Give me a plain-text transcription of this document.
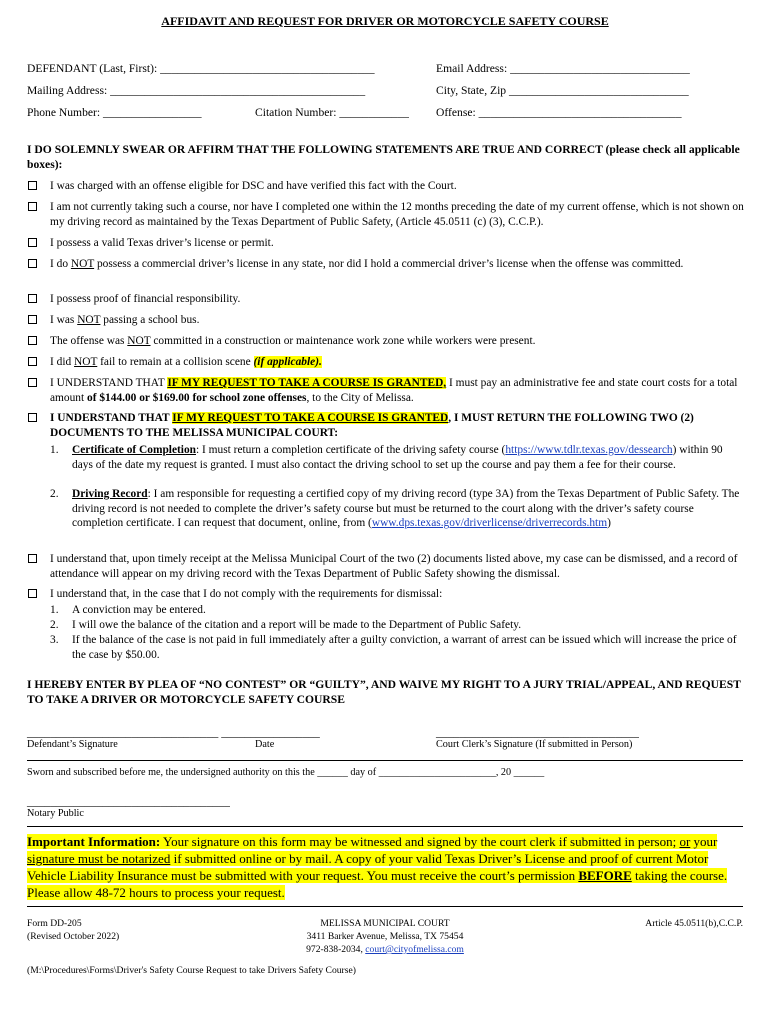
AFFIDAVIT AND REQUEST FOR DRIVER OR MOTORCYCLE SAFETY COURSE
DEFENDANT (Last, First): _____________________________________	Email Address: _______________________________
Mailing Address: ____________________________________________	City, State, Zip _______________________________
Phone Number: _________________	Citation Number: ____________ Offense: ___________________________________
I DO SOLEMNLY SWEAR OR AFFIRM THAT THE FOLLOWING STATEMENTS ARE TRUE AND CORRECT (please check all applicable boxes):
I was charged with an offense eligible for DSC and have verified this fact with the Court.
I am not currently taking such a course, nor have I completed one within the 12 months preceding the date of my current offense, which is not shown on my driving record as maintained by the Texas Department of Public Safety, (Article 45.0511 (c) (3), C.C.P.).
I possess a valid Texas driver’s license or permit.
I do NOT possess a commercial driver’s license in any state, nor did I hold a commercial driver’s license when the offense was committed.
I possess proof of financial responsibility.
I was NOT passing a school bus.
The offense was NOT committed in a construction or maintenance work zone while workers were present.
I did NOT fail to remain at a collision scene (if applicable).
I UNDERSTAND THAT IF MY REQUEST TO TAKE A COURSE IS GRANTED, I must pay an administrative fee and state court costs for a total amount of $144.00 or $169.00 for school zone offenses, to the City of Melissa.
I UNDERSTAND THAT IF MY REQUEST TO TAKE A COURSE IS GRANTED, I MUST RETURN THE FOLLOWING TWO (2) DOCUMENTS TO THE MELISSA MUNICIPAL COURT:
1.	Certificate of Completion: I must return a completion certificate of the driving safety course (https://www.tdlr.texas.gov/dessearch) within 90 days of the date my request is granted. I must also contact the driving school to set up the course and pay them a fee for their course.
2.	Driving Record: I am responsible for requesting a certified copy of my driving record (type 3A) from the Texas Department of Public Safety. The driving record is not needed to complete the driver’s safety course but must be returned to the court along with the driver’s safety course completion certificate. I can request that document, online, from (www.dps.texas.gov/driverlicense/driverrecords.htm)
I understand that, upon timely receipt at the Melissa Municipal Court of the two (2) documents listed above, my case can be dismissed, and a record of attendance will appear on my driving record with the Texas Department of Public Safety showing the dismissal.
I understand that, in the case that I do not comply with the requirements for dismissal:
1.	A conviction may be entered.
2.	I will owe the balance of the citation and a report will be made to the Department of Public Safety.
3.	If the balance of the case is not paid in full immediately after a guilty conviction, a warrant of arrest can be issued which will increase the price of the case by $50.00.
I HEREBY ENTER BY PLEA OF “NO CONTEST” OR “GUILTY”, AND WAIVE MY RIGHT TO A JURY TRIAL/APPEAL, AND REQUEST TO TAKE A DRIVER OR MOTORCYCLE SAFETY COURSE
_________________________________ _________________	___________________________________
Defendant’s Signature	Date	Court Clerk’s Signature (If submitted in Person)
Sworn and subscribed before me, the undersigned authority on this the ______ day of _______________________, 20 ______
___________________________________
Notary Public
Important Information: Your signature on this form may be witnessed and signed by the court clerk if submitted in person; or your signature must be notarized if submitted online or by mail. A copy of your valid Texas Driver’s License and proof of current Motor Vehicle Liability Insurance must be submitted with your request. You must receive the court’s permission BEFORE taking the course. Please allow 48-72 hours to process your request.
Form DD-205
(Revised October 2022)
MELISSA MUNICIPAL COURT
3411 Barker Avenue, Melissa, TX 75454
972-838-2034, court@cityofmelissa.com
Article 45.0511(b),C.C.P.
(M:\Procedures\Forms\Driver's Safety Course Request to take Drivers Safety Course)
